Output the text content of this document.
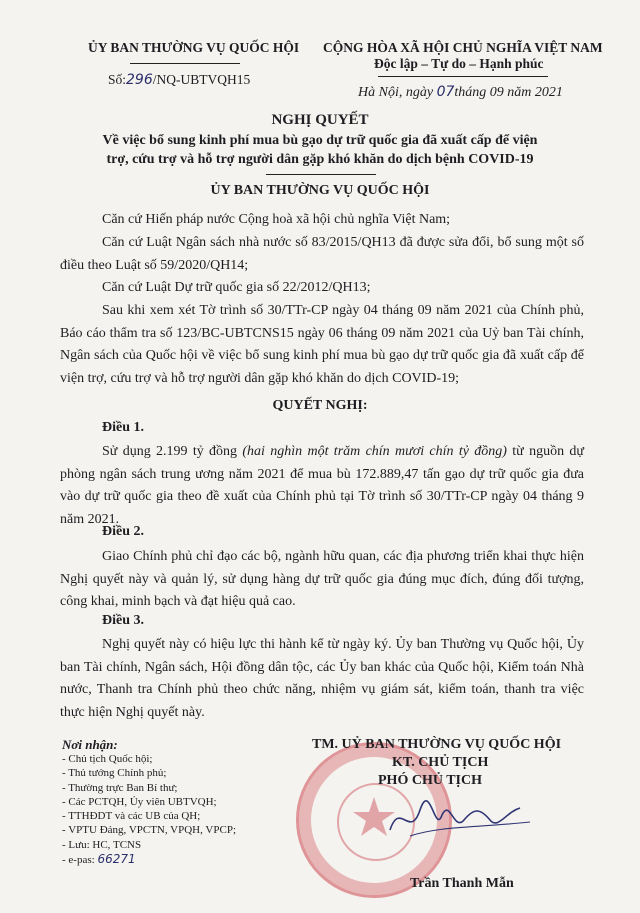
ỦY BAN THƯỜNG VỤ QUỐC HỘI
Số:296/NQ-UBTVQH15
CỘNG HÒA XÃ HỘI CHỦ NGHĨA VIỆT NAM
Độc lập – Tự do – Hạnh phúc
Hà Nội, ngày 07tháng 09 năm 2021
NGHỊ QUYẾT
Về việc bổ sung kinh phí mua bù gạo dự trữ quốc gia đã xuất cấp để viện
trợ, cứu trợ và hỗ trợ người dân gặp khó khăn do dịch bệnh COVID-19
ỦY BAN THƯỜNG VỤ QUỐC HỘI
Căn cứ Hiến pháp nước Cộng hoà xã hội chủ nghĩa Việt Nam;
Căn cứ Luật Ngân sách nhà nước số 83/2015/QH13 đã được sửa đổi, bổ sung một số điều theo Luật số 59/2020/QH14;
Căn cứ Luật Dự trữ quốc gia số 22/2012/QH13;
Sau khi xem xét Tờ trình số 30/TTr-CP ngày 04 tháng 09 năm 2021 của Chính phủ, Báo cáo thẩm tra số 123/BC-UBTCNS15 ngày 06 tháng 09 năm 2021 của Uỷ ban Tài chính, Ngân sách của Quốc hội về việc bổ sung kinh phí mua bù gạo dự trữ quốc gia đã xuất cấp để viện trợ, cứu trợ và hỗ trợ người dân gặp khó khăn do dịch COVID-19;
QUYẾT NGHỊ:
Điều 1.
Sử dụng 2.199 tỷ đồng (hai nghìn một trăm chín mươi chín tỷ đồng) từ nguồn dự phòng ngân sách trung ương năm 2021 để mua bù 172.889,47 tấn gạo dự trữ quốc gia đưa vào dự trữ quốc gia theo đề xuất của Chính phủ tại Tờ trình số 30/TTr-CP ngày 04 tháng 9 năm 2021.
Điều 2.
Giao Chính phủ chỉ đạo các bộ, ngành hữu quan, các địa phương triển khai thực hiện Nghị quyết này và quản lý, sử dụng hàng dự trữ quốc gia đúng mục đích, đúng đối tượng, công khai, minh bạch và đạt hiệu quả cao.
Điều 3.
Nghị quyết này có hiệu lực thi hành kể từ ngày ký. Ủy ban Thường vụ Quốc hội, Ủy ban Tài chính, Ngân sách, Hội đồng dân tộc, các Ủy ban khác của Quốc hội, Kiểm toán Nhà nước, Thanh tra Chính phủ theo chức năng, nhiệm vụ giám sát, kiểm toán, thanh tra việc thực hiện Nghị quyết này.
Nơi nhận:
- Chủ tịch Quốc hội;
- Thủ tướng Chính phủ;
- Thường trực Ban Bí thư;
- Các PCTQH, Ủy viên UBTVQH;
- TTHĐDT và các UB của QH;
- VPTU Đảng, VPCTN, VPQH, VPCP;
- Lưu: HC, TCNS
- e-pas: 66271
TM. UỶ BAN THƯỜNG VỤ QUỐC HỘI
KT. CHỦ TỊCH
PHÓ CHỦ TỊCH
Trần Thanh Mẫn
